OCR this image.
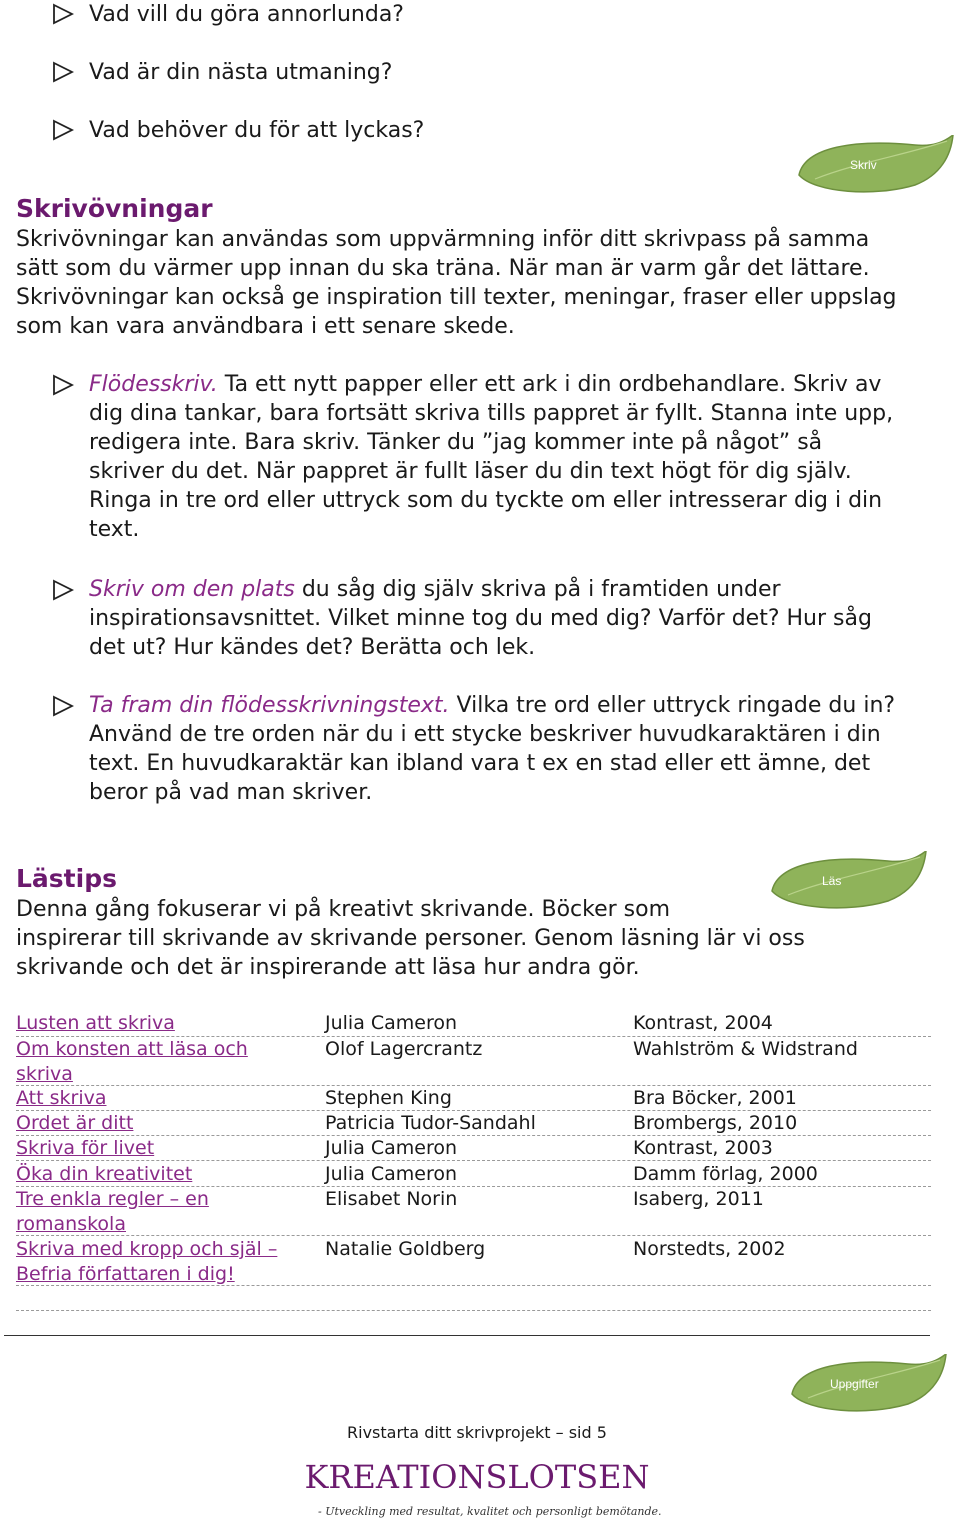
Vad vill du göra annorlunda?
Vad är din nästa utmaning?
Vad behöver du för att lyckas?
Skriv
Skrivövningar
Skrivövningar kan användas som uppvärmning inför ditt skrivpass på samma
sätt som du värmer upp innan du ska träna. När man är varm går det lättare.
Skrivövningar kan också ge inspiration till texter, meningar, fraser eller uppslag
som kan vara användbara i ett senare skede.
Flödesskriv. Ta ett nytt papper eller ett ark i din ordbehandlare. Skriv av
dig dina tankar, bara fortsätt skriva tills pappret är fyllt. Stanna inte upp,
redigera inte. Bara skriv. Tänker du ”jag kommer inte på något” så
skriver du det. När pappret är fullt läser du din text högt för dig själv.
Ringa in tre ord eller uttryck som du tyckte om eller intresserar dig i din
text.
Skriv om den plats du såg dig själv skriva på i framtiden under
inspirationsavsnittet. Vilket minne tog du med dig? Varför det? Hur såg
det ut? Hur kändes det? Berätta och lek.
Ta fram din flödesskrivningstext. Vilka tre ord eller uttryck ringade du in?
Använd de tre orden när du i ett stycke beskriver huvudkaraktären i din
text. En huvudkaraktär kan ibland vara t ex en stad eller ett ämne, det
beror på vad man skriver.
Läs
Lästips
Denna gång fokuserar vi på kreativt skrivande. Böcker som
inspirerar till skrivande av skrivande personer. Genom läsning lär vi oss
skrivande och det är inspirerande att läsa hur andra gör.
Lusten att skriva	Julia Cameron	Kontrast, 2004
Om konsten att läsa och
skriva
Olof Lagercrantz	Wahlström & Widstrand
Att skriva	Stephen King	Bra Böcker, 2001
Ordet är ditt	Patricia Tudor-Sandahl	Brombergs, 2010
Skriva för livet	Julia Cameron	Kontrast, 2003
Öka din kreativitet	Julia Cameron	Damm förlag, 2000
Tre enkla regler – en
romanskola
Elisabet Norin	Isaberg, 2011
Skriva med kropp och själ –
Befria författaren i dig!
Natalie Goldberg	Norstedts, 2002
Uppgifter
Rivstarta ditt skrivprojekt – sid 5
KREATIONSLOTSEN
- Utveckling med resultat, kvalitet och personligt bemötande.
